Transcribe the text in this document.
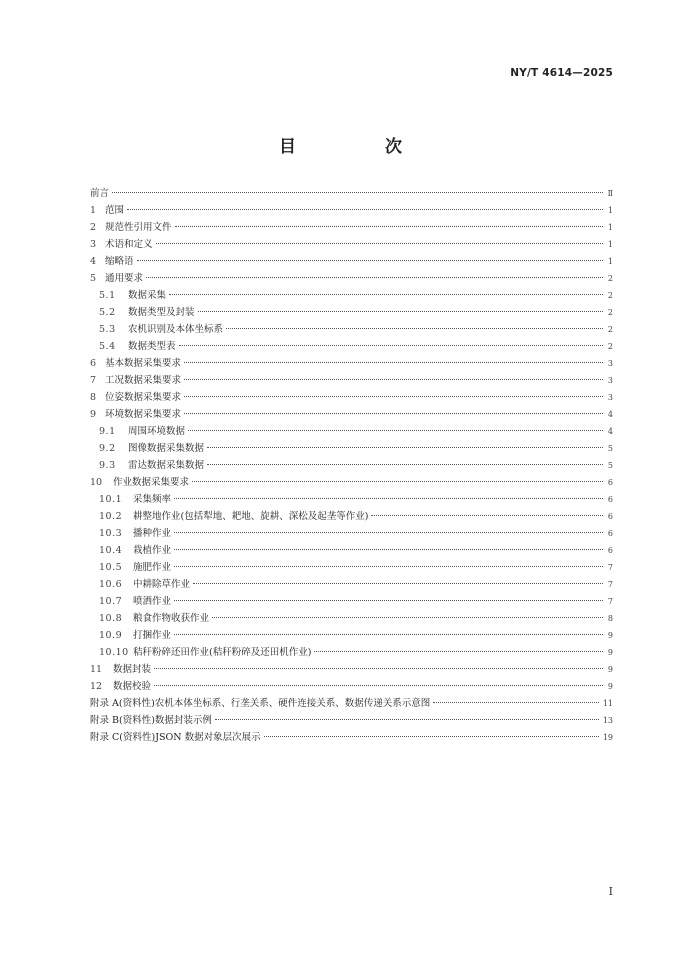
NY/T 4614—2025
目　次
前言	Ⅱ
1 范围	1
2 规范性引用文件	1
3 术语和定义	1
4 缩略语	1
5 通用要求	2
5.1	数据采集	2
5.2	数据类型及封装	2
5.3	农机识别及本体坐标系	2
5.4	数据类型表	2
6 基本数据采集要求	3
7 工况数据采集要求	3
8 位姿数据采集要求	3
9 环境数据采集要求	4
9.1	周围环境数据	4
9.2	图像数据采集数据	5
9.3	雷达数据采集数据	5
10	作业数据采集要求	6
10.1	采集频率	6
10.2	耕整地作业(包括犁地、耙地、旋耕、深松及起垄等作业)	6
10.3	播种作业	6
10.4	栽植作业	6
10.5	施肥作业	7
10.6	中耕除草作业	7
10.7	喷洒作业	7
10.8	粮食作物收获作业	8
10.9	打捆作业	9
10.10 秸秆粉碎还田作业(秸秆粉碎及还田机作业)	9
11	数据封装	9
12	数据校验	9
附录 A(资料性)农机本体坐标系、行垄关系、硬件连接关系、数据传递关系示意图	11
附录 B(资料性)数据封装示例	13
附录 C(资料性)JSON 数据对象层次展示	19
I
